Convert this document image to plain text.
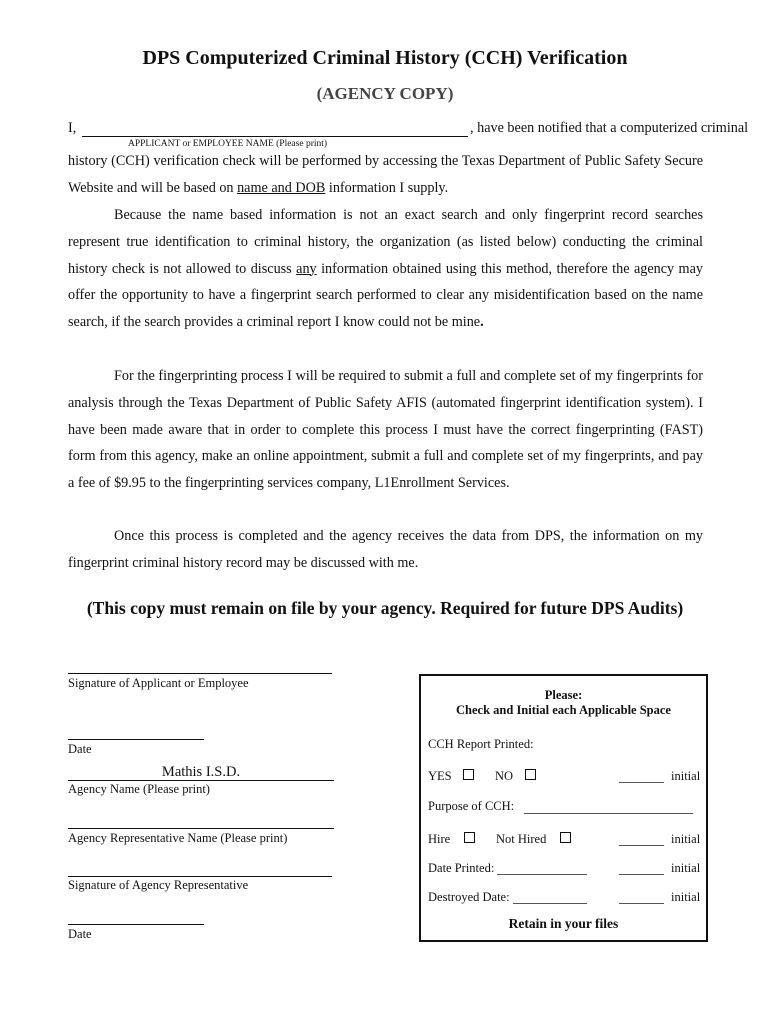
DPS Computerized Criminal History (CCH) Verification
(AGENCY COPY)
I,	, have been notified that a computerized criminal
APPLICANT or EMPLOYEE NAME (Please print)
history (CCH) verification check will be performed by accessing the Texas Department of Public Safety Secure Website and will be based on name and DOB information I supply.
Because the name based information is not an exact search and only fingerprint record searches represent true identification to criminal history, the organization (as listed below) conducting the criminal history check is not allowed to discuss any information obtained using this method, therefore the agency may offer the opportunity to have a fingerprint search performed to clear any misidentification based on the name search, if the search provides a criminal report I know could not be mine.
For the fingerprinting process I will be required to submit a full and complete set of my fingerprints for analysis through the Texas Department of Public Safety AFIS (automated fingerprint identification system). I have been made aware that in order to complete this process I must have the correct fingerprinting (FAST) form from this agency, make an online appointment, submit a full and complete set of my fingerprints, and pay a fee of $9.95 to the fingerprinting services company, L1Enrollment Services.
Once this process is completed and the agency receives the data from DPS, the information on my fingerprint criminal history record may be discussed with me.
(This copy must remain on file by your agency. Required for future DPS Audits)
Signature of Applicant or Employee
Date
Mathis I.S.D.
Agency Name (Please print)
Agency Representative Name (Please print)
Signature of Agency Representative
Date
Please:
Check and Initial each Applicable Space
CCH Report Printed:
YES	NO	initial
Purpose of CCH:
Hire	Not Hired	initial
Date Printed:	initial
Destroyed Date:	initial
Retain in your files
